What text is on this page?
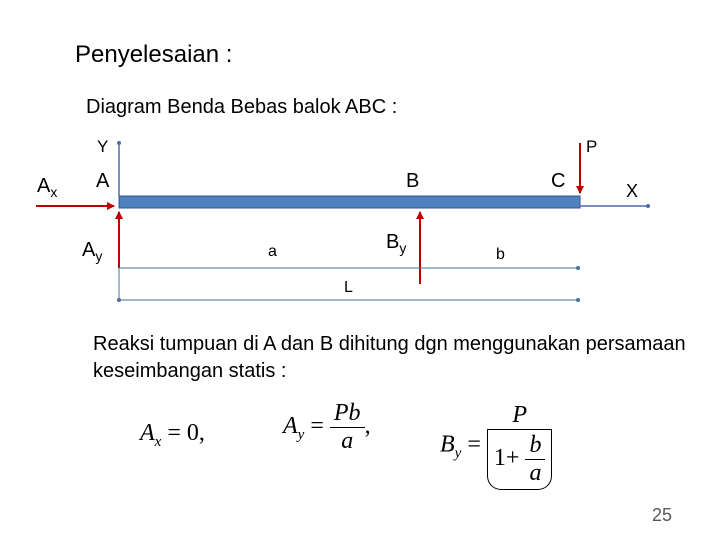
Penyelesaian :
Diagram Benda Bebas balok ABC :
Y	P
$A_x$ A	B	C	X
$A_y$
$B_y$
a	b
L
Reaksi tumpuan di A dan B dihitung dgn menggunakan persamaan keseimbangan statis :
$A_x = 0$,	$A_y = \frac{Pb}{a}$ ,
$B_y = \frac{P}{1+ \frac{b}{a}}$
25
